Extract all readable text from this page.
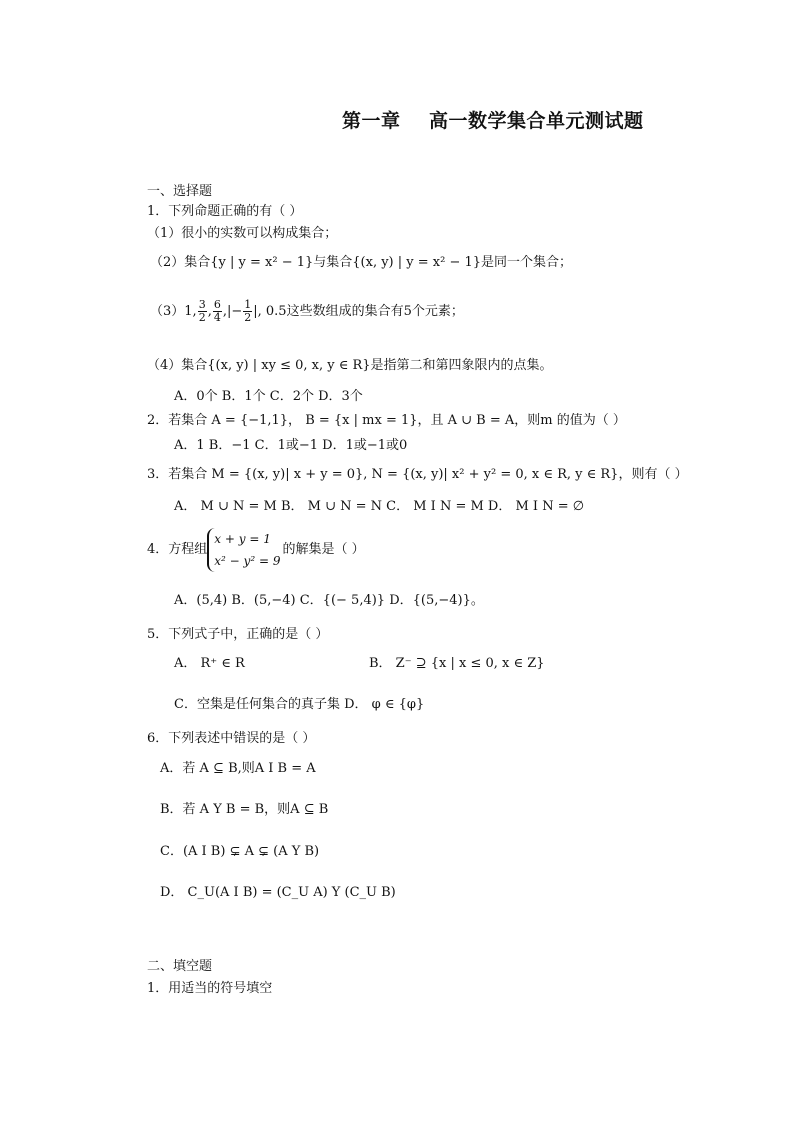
第一章    高一数学集合单元测试题
一、选择题
1．下列命题正确的有（ ）
（1）很小的实数可以构成集合；
（2）集合{y | y = x² − 1}与集合{(x, y) | y = x² − 1}是同一个集合；
（3）1, $\frac{3}{2}$ , $\frac{6}{4}$ ,|− $\frac{1}{2}$ |, 0.5这些数组成的集合有5个元素；
（4）集合{(x, y) | xy ≤ 0, x, y ∈ R}是指第二和第四象限内的点集。
A．0个 B．1个 C．2个 D．3个
2．若集合 A = {−1,1}， B = {x | mx = 1}，且 A ∪ B = A，则m 的值为（ ）
A．1 B．−1 C．1或−1 D．1或−1或0
3．若集合 M = {(x, y)| x + y = 0}, N = {(x, y)| x² + y² = 0, x ∈ R, y ∈ R}，则有（ ）
A． M ∪ N = M B． M ∪ N = N C． M Ι N = M D． M Ι N = ∅
4．方程组
x + y = 1
x² − y² = 9
的解集是（ ）
A．(5,4) B．(5,−4) C．{(− 5,4)} D．{(5,−4)}。
5．下列式子中，正确的是（ ）
A． R⁺ ∈ R	B． Z⁻ ⊇ {x | x ≤ 0, x ∈ Z}
C．空集是任何集合的真子集 D． φ ∈ {φ}
6．下列表述中错误的是（ ）
A．若 A ⊆ B,则A Ι B = A
B．若 A Y B = B，则A ⊆ B
C．(A Ι B) ⊊ A ⊊ (A Y B)
D． C_U(A Ι B) = (C_U A) Y (C_U B)
二、填空题
1．用适当的符号填空
